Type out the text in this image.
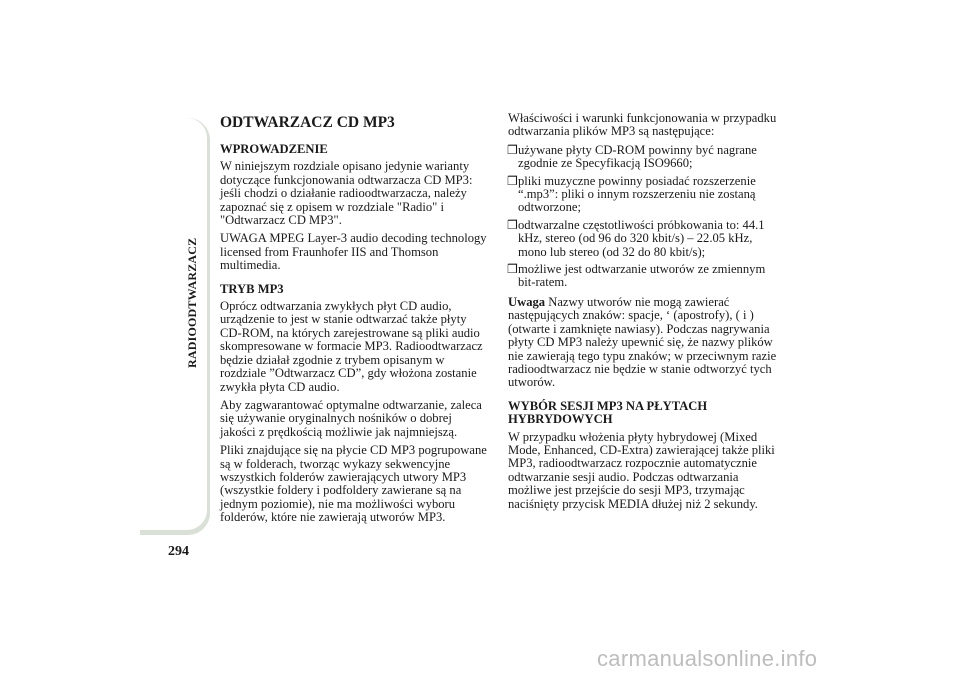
RADIOODTWARZACZ
294
ODTWARZACZ CD MP3
WPROWADZENIE

W niniejszym rozdziale opisano jedynie warianty dotyczące funkcjonowania odtwarzacza CD MP3: jeśli chodzi o działanie radioodtwarzacza, należy zapoznać się z opisem w rozdziale "Radio" i "Odtwarzacz CD MP3".

UWAGA MPEG Layer-3 audio decoding technology licensed from Fraunhofer IIS and Thomson multimedia.

TRYB MP3

Oprócz odtwarzania zwykłych płyt CD audio, urządzenie to jest w stanie odtwarzać także płyty CD-ROM, na których zarejestrowane są pliki audio skompresowane w formacie MP3. Radioodtwarzacz będzie działał zgodnie z trybem opisanym w rozdziale ”Odtwarzacz CD”, gdy włożona zostanie zwykła płyta CD audio.

Aby zagwarantować optymalne odtwarzanie, zaleca się używanie oryginalnych nośników o dobrej jakości z prędkością możliwie jak najmniejszą.

Pliki znajdujące się na płycie CD MP3 pogrupowane są w folderach, tworząc wykazy sekwencyjne wszystkich folderów zawierających utwory MP3 (wszystkie foldery i podfoldery zawierane są na jednym poziomie), nie ma możliwości wyboru folderów, które nie zawierają utworów MP3.

Właściwości i warunki funkcjonowania w przypadku odtwarzania plików MP3 są następujące:

❒ używane płyty CD-ROM powinny być nagrane zgodnie ze Specyfikacją ISO9660;
❒ pliki muzyczne powinny posiadać rozszerzenie “.mp3”: pliki o innym rozszerzeniu nie zostaną odtworzone;
❒ odtwarzalne częstotliwości próbkowania to: 44.1 kHz, stereo (od 96 do 320 kbit/s) – 22.05 kHz, mono lub stereo (od 32 do 80 kbit/s);
❒ możliwe jest odtwarzanie utworów ze zmiennym bit-ratem.

Uwaga Nazwy utworów nie mogą zawierać następujących znaków: spacje, ‘ (apostrofy), ( i ) (otwarte i zamknięte nawiasy). Podczas nagrywania płyty CD MP3 należy upewnić się, że nazwy plików nie zawierają tego typu znaków; w przeciwnym razie radioodtwarzacz nie będzie w stanie odtworzyć tych utworów.

WYBÓR SESJI MP3 NA PŁYTACH HYBRYDOWYCH

W przypadku włożenia płyty hybrydowej (Mixed Mode, Enhanced, CD-Extra) zawierającej także pliki MP3, radioodtwarzacz rozpocznie automatycznie odtwarzanie sesji audio. Podczas odtwarzania możliwe jest przejście do sesji MP3, trzymając naciśnięty przycisk MEDIA dłużej niż 2 sekundy.

carmanualsonline.info
